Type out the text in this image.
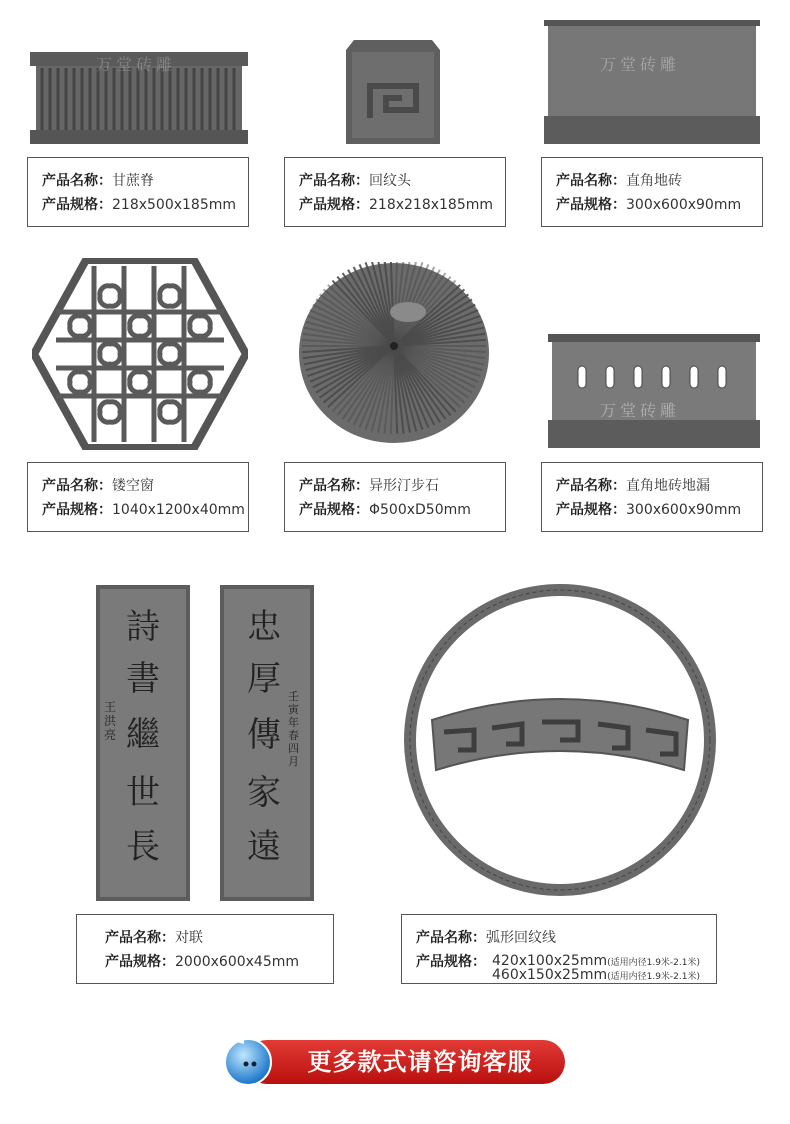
万堂砖雕	万堂砖雕
产品名称：甘蔗脊
产品规格：218x500x185mm
产品名称：回纹头
产品规格：218x218x185mm
产品名称：直角地砖
产品规格：300x600x90mm
万堂砖雕
产品名称：镂空窗
产品规格：1040x1200x40mm
产品名称：异形汀步石
产品规格：Φ500xD50mm
产品名称：直角地砖地漏
产品规格：300x600x90mm
詩
書
繼
世
長
王洪亮
忠
厚
傳
家
遠
壬寅年春四月
产品名称：对联
产品规格：2000x600x45mm
产品名称：弧形回纹线
产品规格： 420x100x25mm(适用内径1.9米-2.1米)
460x150x25mm(适用内径1.9米-2.1米)
更多款式请咨询客服
